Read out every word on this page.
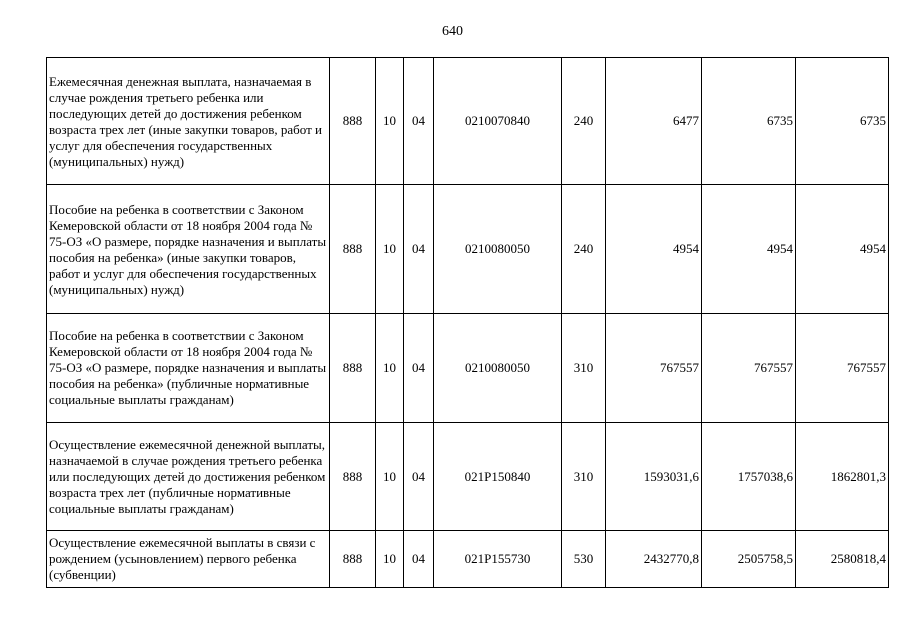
640
Ежемесячная денежная выплата, назначаемая в случае рождения третьего ребенка или последующих детей до достижения ребенком возраста трех лет (иные закупки товаров, работ и услуг для обеспечения государственных (муниципальных) нужд)	888	10	04	0210070840	240	6477	6735	6735
Пособие на ребенка в соответствии с Законом Кемеровской области от 18 ноября 2004 года № 75-ОЗ «О размере, порядке назначения и выплаты пособия на ребенка» (иные закупки товаров, работ и услуг для обеспечения государственных (муниципальных) нужд)	888	10	04	0210080050	240	4954	4954	4954
Пособие на ребенка в соответствии с Законом Кемеровской области от 18 ноября 2004 года № 75-ОЗ «О размере, порядке назначения и выплаты пособия на ребенка» (публичные нормативные социальные выплаты гражданам)	888	10	04	0210080050	310	767557	767557	767557
Осуществление ежемесячной денежной выплаты, назначаемой в случае рождения третьего ребенка или последующих детей до достижения ребенком возраста трех лет (публичные нормативные социальные выплаты гражданам)	888	10	04	021P150840	310	1593031,6	1757038,6	1862801,3
Осуществление ежемесячной выплаты в связи с рождением (усыновлением) первого ребенка (субвенции)	888	10	04	021P155730	530	2432770,8	2505758,5	2580818,4
